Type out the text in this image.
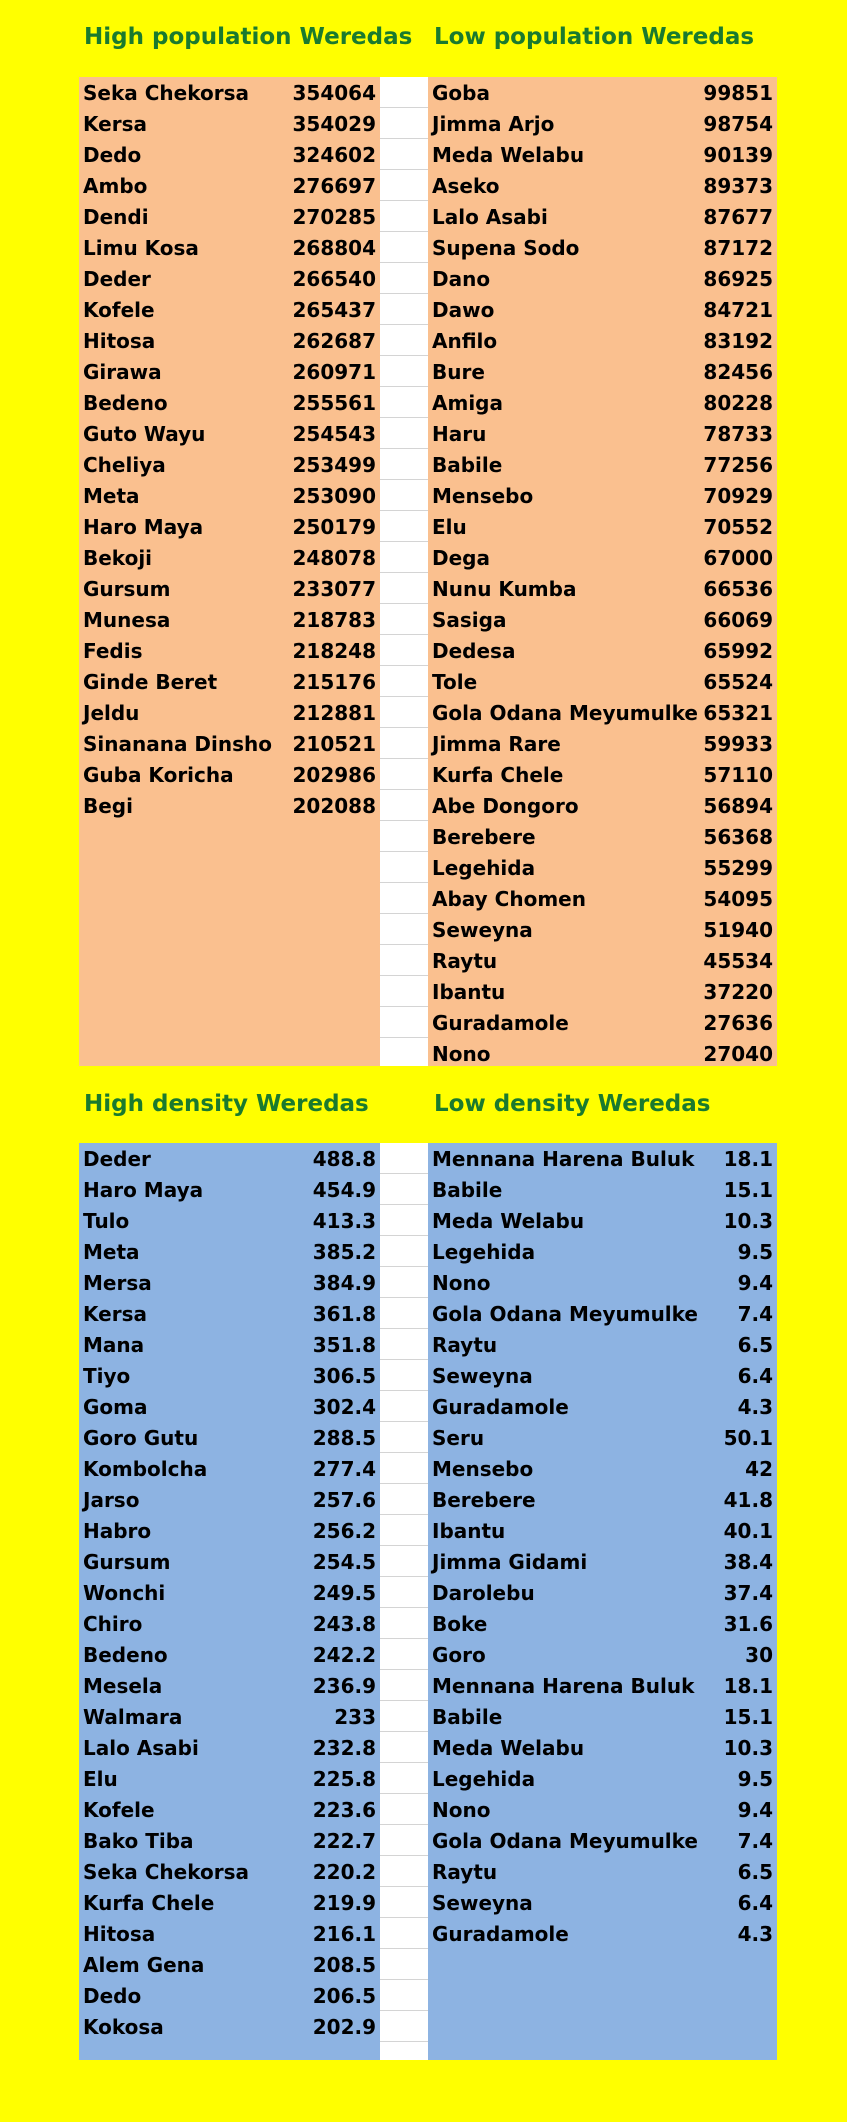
High population Weredas Low population Weredas
High density Weredas	Low density Weredas
Seka Chekorsa	354064
Kersa	354029
Dedo	324602
Ambo	276697
Dendi	270285
Limu Kosa	268804
Deder	266540
Kofele	265437
Hitosa	262687
Girawa	260971
Bedeno	255561
Guto Wayu	254543
Cheliya	253499
Meta	253090
Haro Maya	250179
Bekoji	248078
Gursum	233077
Munesa	218783
Fedis	218248
Ginde Beret	215176
Jeldu	212881
Sinanana Dinsho	210521
Guba Koricha	202986
Begi	202088
Goba	99851
Jimma Arjo	98754
Meda Welabu	90139
Aseko	89373
Lalo Asabi	87677
Supena Sodo	87172
Dano	86925
Dawo	84721
Anfilo	83192
Bure	82456
Amiga	80228
Haru	78733
Babile	77256
Mensebo	70929
Elu	70552
Dega	67000
Nunu Kumba	66536
Sasiga	66069
Dedesa	65992
Tole	65524
Gola Odana Meyumulke 65321
Jimma Rare	59933
Kurfa Chele	57110
Abe Dongoro	56894
Berebere	56368
Legehida	55299
Abay Chomen	54095
Seweyna	51940
Raytu	45534
Ibantu	37220
Guradamole	27636
Nono	27040
Deder	488.8
Haro Maya	454.9
Tulo	413.3
Meta	385.2
Mersa	384.9
Kersa	361.8
Mana	351.8
Tiyo	306.5
Goma	302.4
Goro Gutu	288.5
Kombolcha	277.4
Jarso	257.6
Habro	256.2
Gursum	254.5
Wonchi	249.5
Chiro	243.8
Bedeno	242.2
Mesela	236.9
Walmara	233
Lalo Asabi	232.8
Elu	225.8
Kofele	223.6
Bako Tiba	222.7
Seka Chekorsa	220.2
Kurfa Chele	219.9
Hitosa	216.1
Alem Gena	208.5
Dedo	206.5
Kokosa	202.9
Mennana Harena Buluk	18.1
Babile	15.1
Meda Welabu	10.3
Legehida	9.5
Nono	9.4
Gola Odana Meyumulke	7.4
Raytu	6.5
Seweyna	6.4
Guradamole	4.3
Seru	50.1
Mensebo	42
Berebere	41.8
Ibantu	40.1
Jimma Gidami	38.4
Darolebu	37.4
Boke	31.6
Goro	30
Mennana Harena Buluk	18.1
Babile	15.1
Meda Welabu	10.3
Legehida	9.5
Nono	9.4
Gola Odana Meyumulke	7.4
Raytu	6.5
Seweyna	6.4
Guradamole	4.3
